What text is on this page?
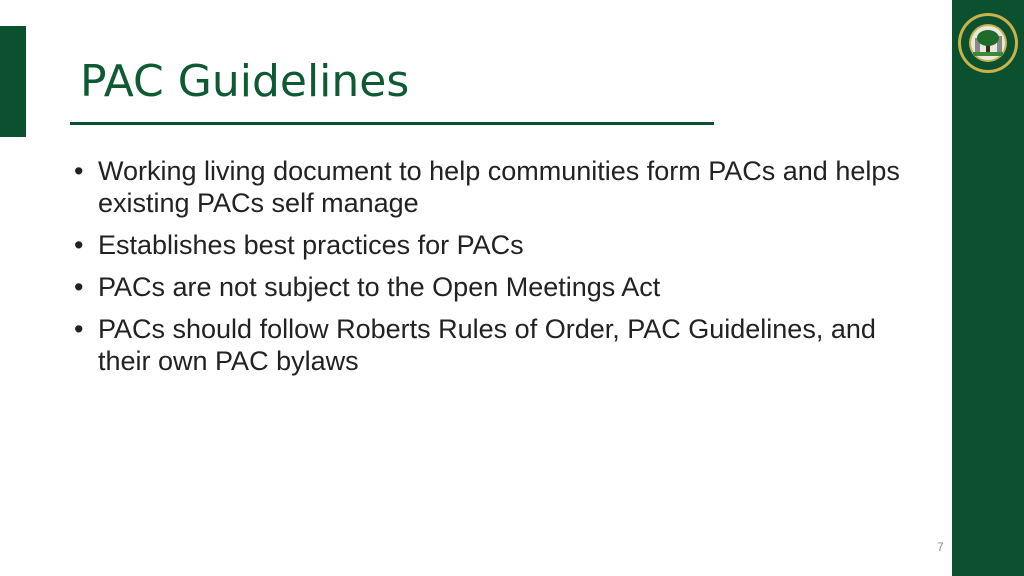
PAC Guidelines
• Working living document to help communities form PACs and helps existing PACs self manage
• Establishes best practices for PACs
• PACs are not subject to the Open Meetings Act
• PACs should follow Roberts Rules of Order, PAC Guidelines, and their own PAC bylaws
7
